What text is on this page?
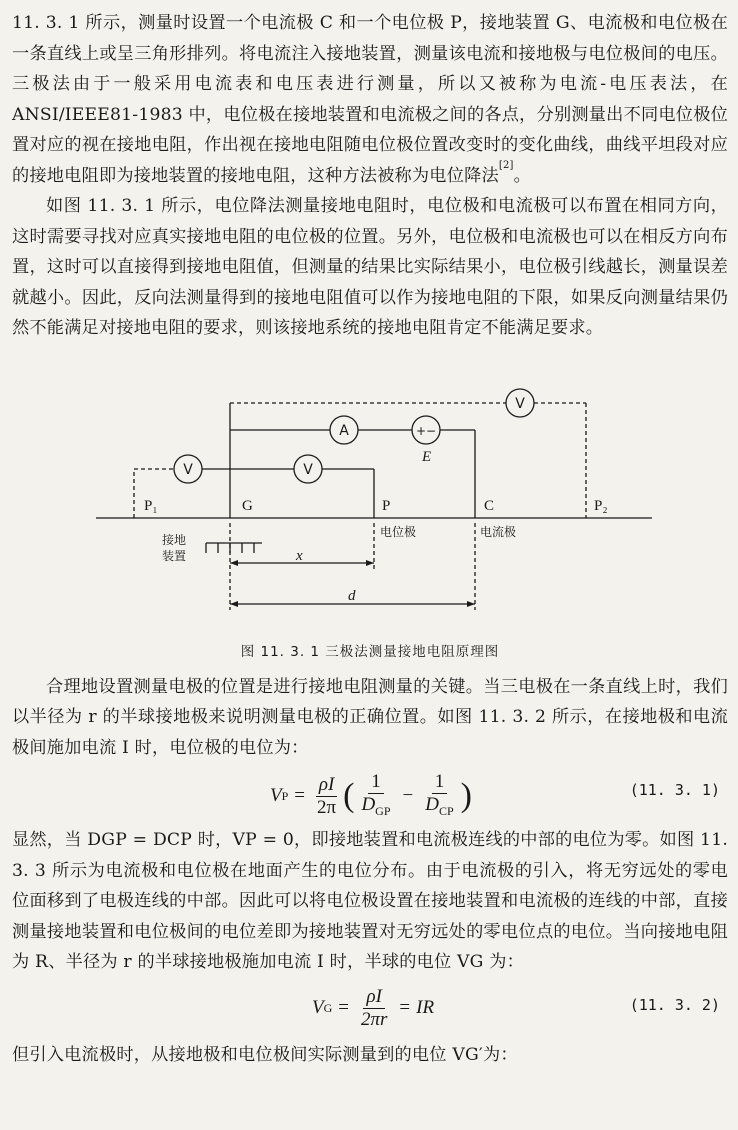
11. 3. 1 所示，测量时设置一个电流极 C 和一个电位极 P，接地装置 G、电流极和电位极在一条直线上或呈三角形排列。将电流注入接地装置，测量该电流和接地极与电位极间的电压。三极法由于一般采用电流表和电压表进行测量，所以又被称为电流-电压表法，在 ANSI/IEEE81-1983 中，电位极在接地装置和电流极之间的各点，分别测量出不同电位极位置对应的视在接地电阻，作出视在接地电阻随电位极位置改变时的变化曲线，曲线平坦段对应的接地电阻即为接地装置的接地电阻，这种方法被称为电位降法[2]。

如图 11. 3. 1 所示，电位降法测量接地电阻时，电位极和电流极可以布置在相同方向，这时需要寻找对应真实接地电阻的电位极的位置。另外，电位极和电流极也可以在相反方向布置，这时可以直接得到接地电阻值，但测量的结果比实际结果小，电位极引线越长，测量误差就越小。因此，反向法测量得到的接地电阻值可以作为接地电阻的下限，如果反向测量结果仍然不能满足对接地电阻的要求，则该接地系统的接地电阻肯定不能满足要求。

V	V
A	+−
V
P₁	G	P	C	P₂
E
x
d
接地
装置
电位极	电流极
图 11. 3. 1 三极法测量接地电阻原理图

合理地设置测量电极的位置是进行接地电阻测量的关键。当三电极在一条直线上时，我们以半径为 r 的半球接地极来说明测量电极的正确位置。如图 11. 3. 2 所示，在接地极和电流极间施加电流 I 时，电位极的电位为：

V $P = \frac{\rho I}{2\pi}$ ( $\frac{1}{D_{GP}} - \frac{1}{D_{CP}}$ )	(11. 3. 1)

显然，当 DGP = DCP 时，VP = 0，即接地装置和电流极连线的中部的电位为零。如图 11. 3. 3 所示为电流极和电位极在地面产生的电位分布。由于电流极的引入，将无穷远处的零电位面移到了电极连线的中部。因此可以将电位极设置在接地装置和电流极的连线的中部，直接测量接地装置和电位极间的电位差即为接地装置对无穷远处的零电位点的电位。当向接地电阻为 R、半径为 r 的半球接地极施加电流 I 时，半球的电位 VG 为：

V $G = \frac{\rho I}{2\pi r}$ = IR	(11. 3. 2)

但引入电流极时，从接地极和电位极间实际测量到的电位 VG′为：
